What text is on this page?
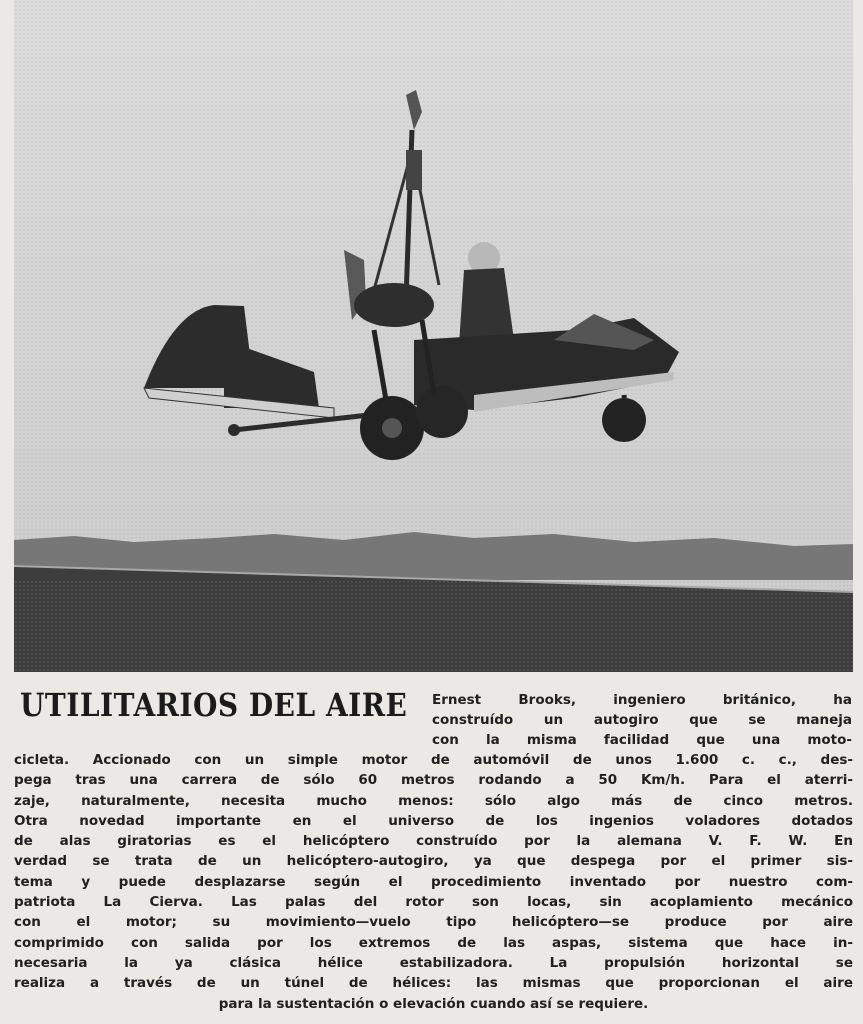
UTILITARIOS DEL AIRE Ernest Brooks, ingeniero británico, ha
construído un autogiro que se maneja
con la misma facilidad que una moto-
cicleta. Accionado con un simple motor de automóvil de unos 1.600 c. c., des-
pega tras una carrera de sólo 60 metros rodando a 50 Km/h. Para el aterri-
zaje, naturalmente, necesita mucho menos: sólo algo más de cinco metros.
Otra novedad importante en el universo de los ingenios voladores dotados
de alas giratorias es el helicóptero construído por la alemana V. F. W. En
verdad se trata de un helicóptero-autogiro, ya que despega por el primer sis-
tema y puede desplazarse según el procedimiento inventado por nuestro com-
patriota La Cierva. Las palas del rotor son locas, sin acoplamiento mecánico
con el motor; su movimiento—vuelo tipo helicóptero—se produce por aire
comprimido con salida por los extremos de las aspas, sistema que hace in-
necesaria la ya clásica hélice estabilizadora. La propulsión horizontal se
realiza a través de un túnel de hélices: las mismas que proporcionan el aire
para la sustentación o elevación cuando así se requiere.
